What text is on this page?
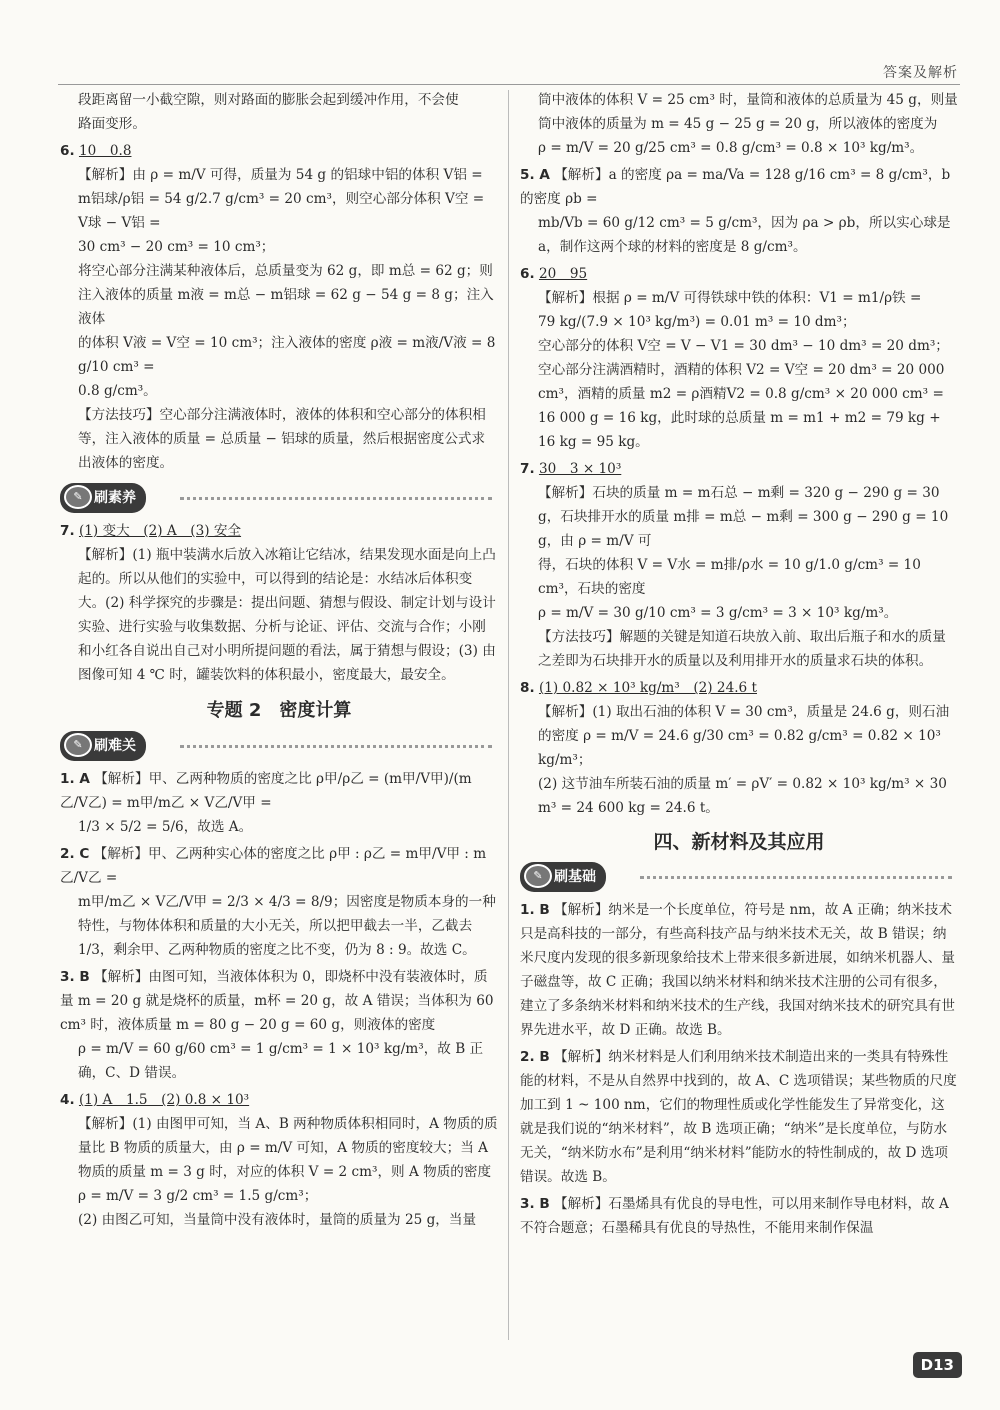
答案及解析

段距离留一小截空隙，则对路面的膨胀会起到缓冲作用，不会使

路面变形。

6. 10　0.8

【解析】由 ρ = m/V 可得，质量为 54 g 的铝球中铝的体积 V铝 =

m铝球/ρ铝 = 54 g/2.7 g/cm³ = 20 cm³，则空心部分体积 V空 = V球 − V铝 =

30 cm³ − 20 cm³ = 10 cm³；

将空心部分注满某种液体后，总质量变为 62 g，即 m总 = 62 g；则

注入液体的质量 m液 = m总 − m铝球 = 62 g − 54 g = 8 g；注入液体

的体积 V液 = V空 = 10 cm³；注入液体的密度 ρ液 = m液/V液 = 8 g/10 cm³ =

0.8 g/cm³。

【方法技巧】空心部分注满液体时，液体的体积和空心部分的体积相等，注入液体的质量 = 总质量 − 铝球的质量，然后根据密度公式求出液体的密度。

✎ 刷素养

7. (1) 变大　(2) A　(3) 安全

【解析】(1) 瓶中装满水后放入冰箱让它结冰，结果发现水面是向上凸起的。所以从他们的实验中，可以得到的结论是：水结冰后体积变大。(2) 科学探究的步骤是：提出问题、猜想与假设、制定计划与设计实验、进行实验与收集数据、分析与论证、评估、交流与合作；小刚和小红各自说出自己对小明所提问题的看法，属于猜想与假设；(3) 由图像可知 4 ℃ 时，罐装饮料的体积最小，密度最大，最安全。

专题 2　密度计算
✎ 刷难关

1. A 【解析】甲、乙两种物质的密度之比 ρ甲/ρ乙 = (m甲/V甲)/(m乙/V乙) = m甲/m乙 × V乙/V甲 =

1/3 × 5/2 = 5/6，故选 A。

2. C 【解析】甲、乙两种实心体的密度之比 ρ甲 : ρ乙 = m甲/V甲 : m乙/V乙 =

m甲/m乙 × V乙/V甲 = 2/3 × 4/3 = 8/9；因密度是物质本身的一种特性，与物体体积和质量的大小无关，所以把甲截去一半，乙截去 1/3，剩余甲、乙两种物质的密度之比不变，仍为 8 : 9。故选 C。

3. B 【解析】由图可知，当液体体积为 0，即烧杯中没有装液体时，质量 m = 20 g 就是烧杯的质量，m杯 = 20 g，故 A 错误；当体积为 60 cm³ 时，液体质量 m = 80 g − 20 g = 60 g，则液体的密度

ρ = m/V = 60 g/60 cm³ = 1 g/cm³ = 1 × 10³ kg/m³，故 B 正确，C、D 错误。

4. (1) A　1.5　(2) 0.8 × 10³

【解析】(1) 由图甲可知，当 A、B 两种物质体积相同时，A 物质的质量比 B 物质的质量大，由 ρ = m/V 可知，A 物质的密度较大；当 A 物质的质量 m = 3 g 时，对应的体积 V = 2 cm³，则 A 物质的密度

ρ = m/V = 3 g/2 cm³ = 1.5 g/cm³；

(2) 由图乙可知，当量筒中没有液体时，量筒的质量为 25 g，当量

筒中液体的体积 V = 25 cm³ 时，量筒和液体的总质量为 45 g，则量筒中液体的质量为 m = 45 g − 25 g = 20 g，所以液体的密度为

ρ = m/V = 20 g/25 cm³ = 0.8 g/cm³ = 0.8 × 10³ kg/m³。

5. A 【解析】a 的密度 ρa = ma/Va = 128 g/16 cm³ = 8 g/cm³，b 的密度 ρb =

mb/Vb = 60 g/12 cm³ = 5 g/cm³，因为 ρa > ρb，所以实心球是 a，制作这两个球的材料的密度是 8 g/cm³。

6. 20　95

【解析】根据 ρ = m/V 可得铁球中铁的体积：V1 = m1/ρ铁 =

79 kg/(7.9 × 10³ kg/m³) = 0.01 m³ = 10 dm³；

空心部分的体积 V空 = V − V1 = 30 dm³ − 10 dm³ = 20 dm³；

空心部分注满酒精时，酒精的体积 V2 = V空 = 20 dm³ = 20 000 cm³，酒精的质量 m2 = ρ酒精V2 = 0.8 g/cm³ × 20 000 cm³ = 16 000 g = 16 kg，此时球的总质量 m = m1 + m2 = 79 kg + 16 kg = 95 kg。

7. 30　3 × 10³

【解析】石块的质量 m = m石总 − m剩 = 320 g − 290 g = 30 g，石块排开水的质量 m排 = m总 − m剩 = 300 g − 290 g = 10 g，由 ρ = m/V 可

得，石块的体积 V = V水 = m排/ρ水 = 10 g/1.0 g/cm³ = 10 cm³，石块的密度

ρ = m/V = 30 g/10 cm³ = 3 g/cm³ = 3 × 10³ kg/m³。

【方法技巧】解题的关键是知道石块放入前、取出后瓶子和水的质量之差即为石块排开水的质量以及利用排开水的质量求石块的体积。

8. (1) 0.82 × 10³ kg/m³　(2) 24.6 t

【解析】(1) 取出石油的体积 V = 30 cm³，质量是 24.6 g，则石油的密度 ρ = m/V = 24.6 g/30 cm³ = 0.82 g/cm³ = 0.82 × 10³ kg/m³；

(2) 这节油车所装石油的质量 m′ = ρV′ = 0.82 × 10³ kg/m³ × 30 m³ = 24 600 kg = 24.6 t。

四、新材料及其应用
✎ 刷基础

1. B 【解析】纳米是一个长度单位，符号是 nm，故 A 正确；纳米技术只是高科技的一部分，有些高科技产品与纳米技术无关，故 B 错误；纳米尺度内发现的很多新现象给技术上带来很多新进展，如纳米机器人、量子磁盘等，故 C 正确；我国以纳米材料和纳米技术注册的公司有很多，建立了多条纳米材料和纳米技术的生产线，我国对纳米技术的研究具有世界先进水平，故 D 正确。故选 B。

2. B 【解析】纳米材料是人们利用纳米技术制造出来的一类具有特殊性能的材料，不是从自然界中找到的，故 A、C 选项错误；某些物质的尺度加工到 1 ~ 100 nm，它们的物理性质或化学性能发生了异常变化，这就是我们说的“纳米材料”，故 B 选项正确；“纳米”是长度单位，与防水无关，“纳米防水布”是利用“纳米材料”能防水的特性制成的，故 D 选项错误。故选 B。

3. B 【解析】石墨烯具有优良的导电性，可以用来制作导电材料，故 A 不符合题意；石墨稀具有优良的导热性，不能用来制作保温

D13
